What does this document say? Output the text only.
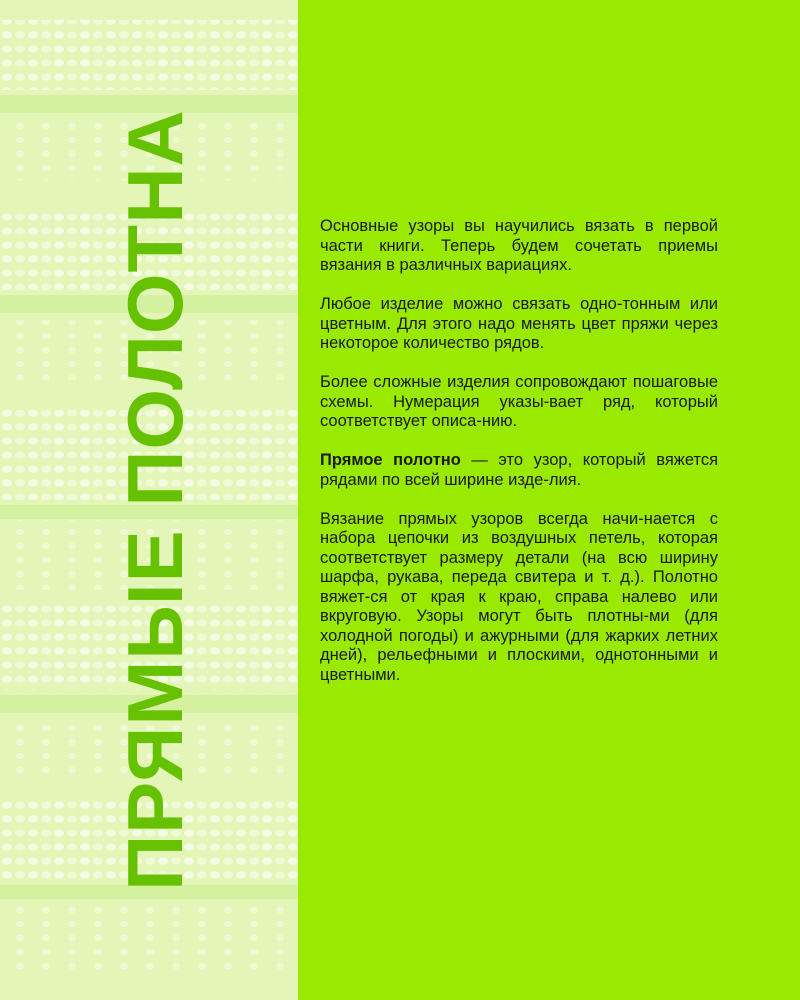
ПРЯМЫЕ ПОЛОТНА	Основные узоры вы научились вязать в первой части книги. Теперь будем сочетать приемы вязания в различных вариациях.

Любое изделие можно связать одно-тонным или цветным. Для этого надо менять цвет пряжи через некоторое количество рядов.

Более сложные изделия сопровождают пошаговые схемы. Нумерация указы-вает ряд, который соответствует описа-нию.

Прямое полотно — это узор, который вяжется рядами по всей ширине изде-лия.

Вязание прямых узоров всегда начи-нается с набора цепочки из воздушных петель, которая соответствует размеру детали (на всю ширину шарфа, рукава, переда свитера и т. д.). Полотно вяжет-ся от края к краю, справа налево или вкруговую. Узоры могут быть плотны-ми (для холодной погоды) и ажурными (для жарких летних дней), рельефными и плоскими, однотонными и цветными.
